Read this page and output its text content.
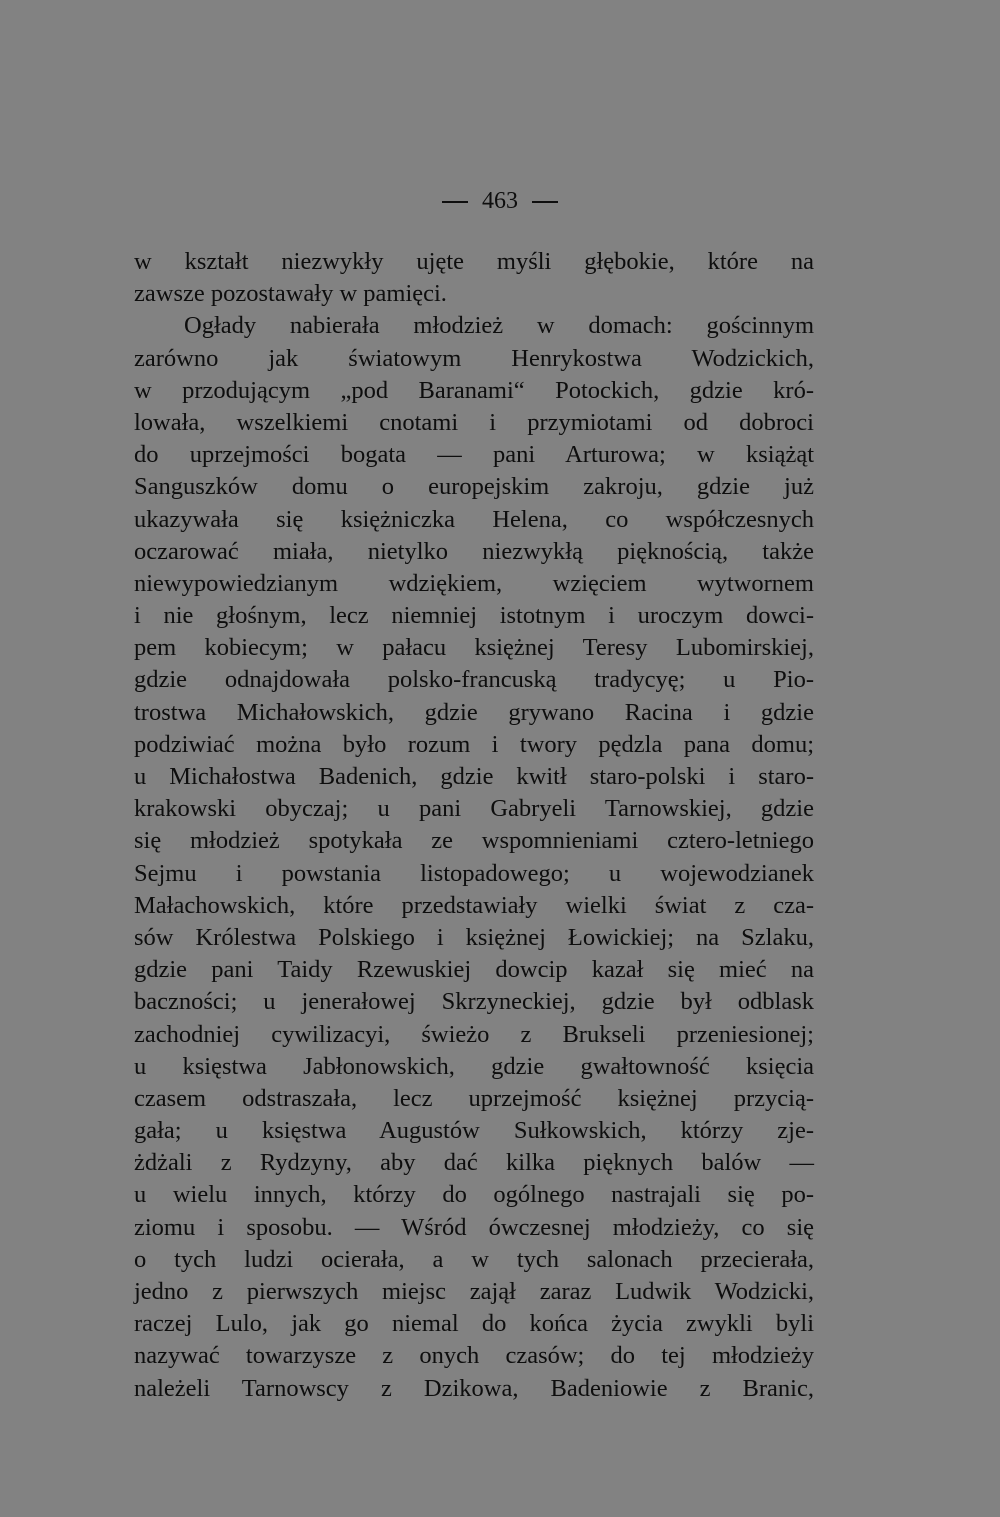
463
w kształt niezwykły ujęte myśli głębokie, które na
zawsze pozostawały w pamięci.
Ogłady nabierała młodzież w domach: gościnnym
zarówno jak światowym Henrykostwa Wodzickich,
w przodującym „pod Baranami“ Potockich, gdzie kró-
lowała, wszelkiemi cnotami i przymiotami od dobroci
do uprzejmości bogata — pani Arturowa; w książąt
Sanguszków domu o europejskim zakroju, gdzie już
ukazywała się księżniczka Helena, co współczesnych
oczarować miała, nietylko niezwykłą pięknością, także
niewypowiedzianym wdziękiem, wzięciem wytwornem
i nie głośnym, lecz niemniej istotnym i uroczym dowci-
pem kobiecym; w pałacu księżnej Teresy Lubomirskiej,
gdzie odnajdowała polsko-francuską tradycyę; u Pio-
trostwa Michałowskich, gdzie grywano Racina i gdzie
podziwiać można było rozum i twory pędzla pana domu;
u Michałostwa Badenich, gdzie kwitł staro-polski i staro-
krakowski obyczaj; u pani Gabryeli Tarnowskiej, gdzie
się młodzież spotykała ze wspomnieniami cztero-letniego
Sejmu i powstania listopadowego; u wojewodzianek
Małachowskich, które przedstawiały wielki świat z cza-
sów Królestwa Polskiego i księżnej Łowickiej; na Szlaku,
gdzie pani Taidy Rzewuskiej dowcip kazał się mieć na
baczności; u jenerałowej Skrzyneckiej, gdzie był odblask
zachodniej cywilizacyi, świeżo z Brukseli przeniesionej;
u księstwa Jabłonowskich, gdzie gwałtowność księcia
czasem odstraszała, lecz uprzejmość księżnej przycią-
gała; u księstwa Augustów Sułkowskich, którzy zje-
żdżali z Rydzyny, aby dać kilka pięknych balów —
u wielu innych, którzy do ogólnego nastrajali się po-
ziomu i sposobu. — Wśród ówczesnej młodzieży, co się
o tych ludzi ocierała, a w tych salonach przecierała,
jedno z pierwszych miejsc zajął zaraz Ludwik Wodzicki,
raczej Lulo, jak go niemal do końca życia zwykli byli
nazywać towarzysze z onych czasów; do tej młodzieży
należeli Tarnowscy z Dzikowa, Badeniowie z Branic,
